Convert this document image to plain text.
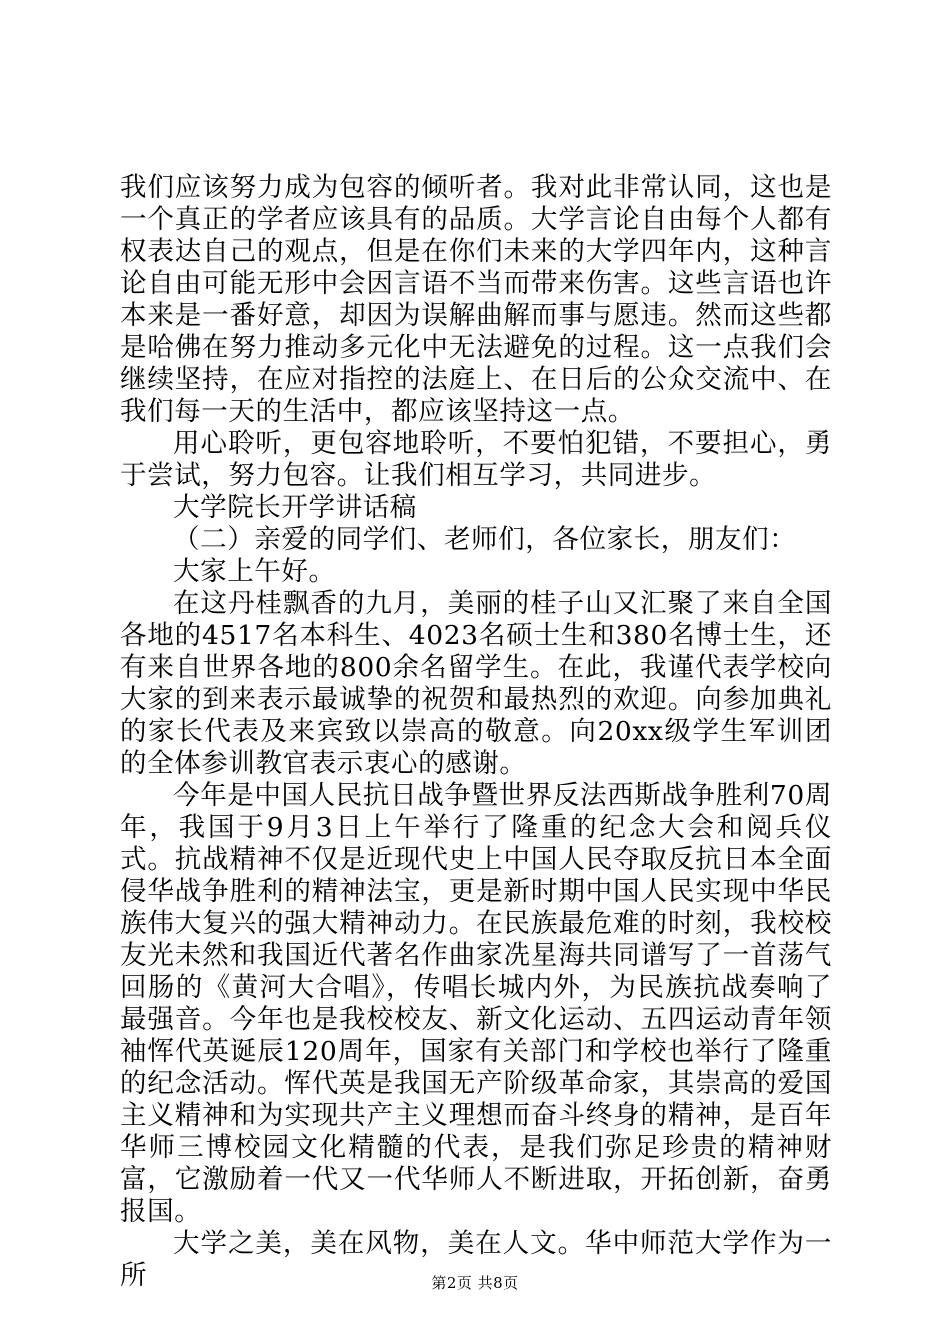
我们应该努力成为包容的倾听者。我对此非常认同，这也是一个真正的学者应该具有的品质。大学言论自由每个人都有权表达自己的观点，但是在你们未来的大学四年内，这种言论自由可能无形中会因言语不当而带来伤害。这些言语也许本来是一番好意，却因为误解曲解而事与愿违。然而这些都是哈佛在努力推动多元化中无法避免的过程。这一点我们会继续坚持，在应对指控的法庭上、在日后的公众交流中、在我们每一天的生活中，都应该坚持这一点。

用心聆听，更包容地聆听，不要怕犯错，不要担心，勇于尝试，努力包容。让我们相互学习，共同进步。

大学院长开学讲话稿

（二）亲爱的同学们、老师们，各位家长，朋友们：

大家上午好。

在这丹桂飘香的九月，美丽的桂子山又汇聚了来自全国各地的4517名本科生、4023名硕士生和380名博士生，还有来自世界各地的800余名留学生。在此，我谨代表学校向大家的到来表示最诚挚的祝贺和最热烈的欢迎。向参加典礼的家长代表及来宾致以崇高的敬意。向20xx级学生军训团的全体参训教官表示衷心的感谢。

今年是中国人民抗日战争暨世界反法西斯战争胜利70周年，我国于9月3日上午举行了隆重的纪念大会和阅兵仪式。抗战精神不仅是近现代史上中国人民夺取反抗日本全面侵华战争胜利的精神法宝，更是新时期中国人民实现中华民族伟大复兴的强大精神动力。在民族最危难的时刻，我校校友光未然和我国近代著名作曲家冼星海共同谱写了一首荡气回肠的《黄河大合唱》，传唱长城内外，为民族抗战奏响了最强音。今年也是我校校友、新文化运动、五四运动青年领袖恽代英诞辰120周年，国家有关部门和学校也举行了隆重的纪念活动。恽代英是我国无产阶级革命家，其崇高的爱国主义精神和为实现共产主义理想而奋斗终身的精神，是百年华师三博校园文化精髓的代表，是我们弥足珍贵的精神财富，它激励着一代又一代华师人不断进取，开拓创新，奋勇报国。

大学之美，美在风物，美在人文。华中师范大学作为一所	第2页 共8页
